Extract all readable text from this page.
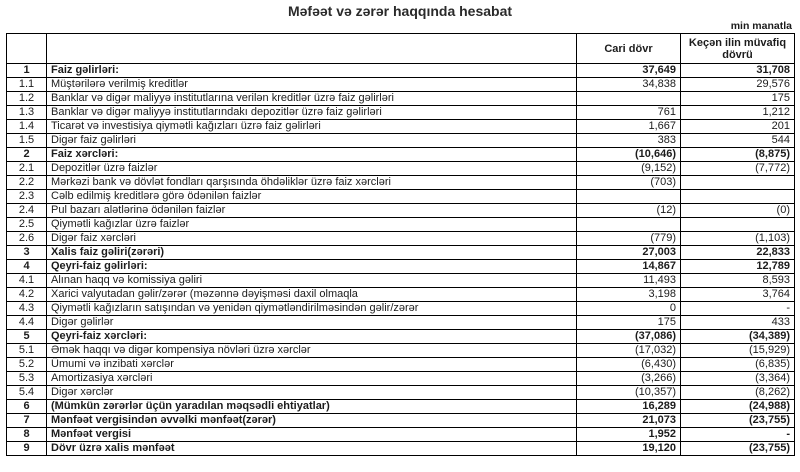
Məfəət və zərər haqqında hesabat
min manatla
		Cari dövr	Keçən ilin müvafiq dövrü
1	Faiz gəlirləri:	37,649	31,708
1.1	Müştərilərə verilmiş kreditlər	34,838	29,576
1.2	Banklar və digər maliyyə institutlarına verilən kreditlər üzrə faiz gəlirləri		175
1.3	Banklar və digər maliyyə institutlarındakı depozitlər üzrə faiz gəlirləri	761	1,212
1.4	Ticarət və investisiya qiymətli kağızları üzrə faiz gəlirləri	1,667	201
1.5	Digər faiz gəlirləri	383	544
2	Faiz xərcləri:	(10,646)	(8,875)
2.1	Depozitlər üzrə faizlər	(9,152)	(7,772)
2.2	Mərkəzi bank və dövlət fondları qarşısında öhdəliklər üzrə faiz xərcləri	(703)	
2.3	Cəlb edilmiş kreditlərə görə ödənilən faizlər		
2.4	Pul bazarı alətlərinə ödənilən faizlər	(12)	(0)
2.5	Qiymətli kağızlar üzrə faizlər		
2.6	Digər faiz xərcləri	(779)	(1,103)
3	Xalis faiz gəliri(zərəri)	27,003	22,833
4	Qeyri-faiz gəlirləri:	14,867	12,789
4.1	Alınan haqq və komissiya gəliri	11,493	8,593
4.2	Xarici valyutadan gəlir/zərər (məzənnə dəyişməsi daxil olmaqla	3,198	3,764
4.3	Qiymətli kağızların satışından və yenidən qiymətləndirilməsindən gəlir/zərər	0	-
4.4	Digər gəlirlər	175	433
5	Qeyri-faiz xərcləri:	(37,086)	(34,389)
5.1	Əmək haqqı və digər kompensiya növləri üzrə xərclər	(17,032)	(15,929)
5.2	Ümumi və inzibati xərclər	(6,430)	(6,835)
5.3	Amortizasiya xərcləri	(3,266)	(3,364)
5.4	Digər xərclər	(10,357)	(8,262)
6	(Mümkün zərərlər üçün yaradılan məqsədli ehtiyatlar)	16,289	(24,988)
7	Mənfəət vergisindən əvvəlki mənfəət(zərər)	21,073	(23,755)
8	Mənfəət vergisi	1,952	-
9	Dövr üzrə xalis mənfəət	19,120	(23,755)
